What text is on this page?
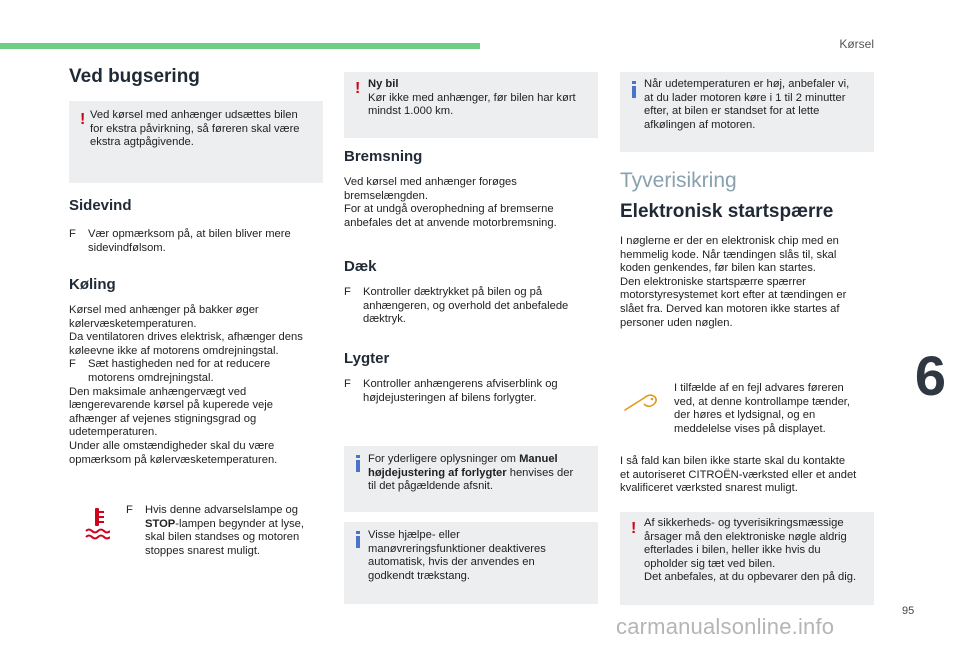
Kørsel
Ved bugsering
! Ved kørsel med anhænger udsættes bilen
for ekstra påvirkning, så føreren skal være
ekstra agtpågivende.
Sidevind
F	Vær opmærksom på, at bilen bliver mere
sidevindfølsom.
Køling
Kørsel med anhænger på bakker øger
kølervæsketemperaturen.
Da ventilatoren drives elektrisk, afhænger dens
køleevne ikke af motorens omdrejningstal.
F	Sæt hastigheden ned for at reducere
motorens omdrejningstal.
Den maksimale anhængervægt ved
længerevarende kørsel på kuperede veje
afhænger af vejenes stigningsgrad og
udetemperaturen.
Under alle omstændigheder skal du være
opmærksom på kølervæsketemperaturen.
F	Hvis denne advarselslampe og
STOP-lampen begynder at lyse,
skal bilen standses og motoren
stoppes snarest muligt.
! Ny bil
Kør ikke med anhænger, før bilen har kørt
mindst 1.000 km.
Bremsning
Ved kørsel med anhænger forøges
bremselængden.
For at undgå overophedning af bremserne
anbefales det at anvende motorbremsning.
Dæk
F	Kontroller dæktrykket på bilen og på
anhængeren, og overhold det anbefalede
dæktryk.
Lygter
F	Kontroller anhængerens afviserblink og
højdejusteringen af bilens forlygter.
For yderligere oplysninger om Manuel
højdejustering af forlygter henvises der
til det pågældende afsnit.
Visse hjælpe- eller
manøvreringsfunktioner deaktiveres
automatisk, hvis der anvendes en
godkendt trækstang.
Når udetemperaturen er høj, anbefaler vi,
at du lader motoren køre i 1 til 2 minutter
efter, at bilen er standset for at lette
afkølingen af motoren.
Tyverisikring
Elektronisk startspærre
I nøglerne er der en elektronisk chip med en
hemmelig kode. Når tændingen slås til, skal
koden genkendes, før bilen kan startes.
Den elektroniske startspærre spærrer
motorstyresystemet kort efter at tændingen er
slået fra. Derved kan motoren ikke startes af
personer uden nøglen.
I tilfælde af en fejl advares føreren
ved, at denne kontrollampe tænder,
der høres et lydsignal, og en
meddelelse vises på displayet.
I så fald kan bilen ikke starte skal du kontakte
et autoriseret CITROËN-værksted eller et andet
kvalificeret værksted snarest muligt.
! Af sikkerheds- og tyverisikringsmæssige
årsager må den elektroniske nøgle aldrig
efterlades i bilen, heller ikke hvis du
opholder sig tæt ved bilen.
Det anbefales, at du opbevarer den på dig.
6
95
carmanualsonline.info
